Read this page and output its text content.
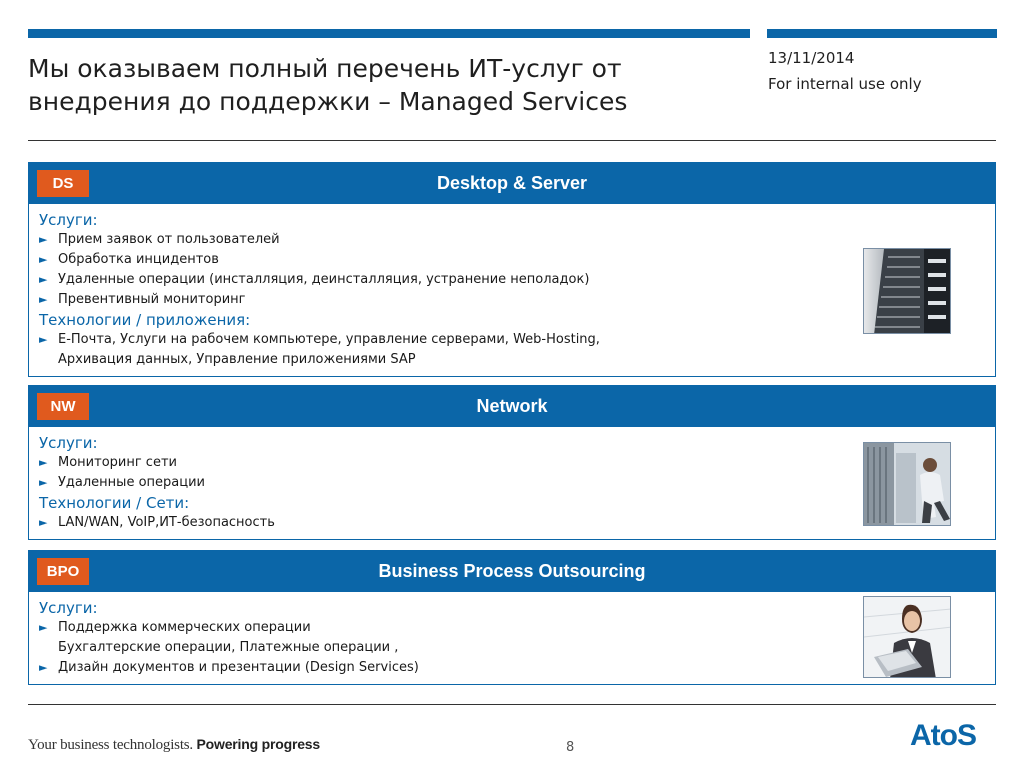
Мы оказываем полный перечень ИТ-услуг от
внедрения до поддержки – Managed Services
13/11/2014
For internal use only
Desktop & Server
DS
Услуги:
► Прием заявок от пользователей
► Обработка инцидентов
► Удаленные операции (инсталляция, деинсталляция, устранение неполадок)
► Превентивный мониторинг
Технологии / приложения:
► E-Почта, Услуги на рабочем компьютере, управление серверами, Web-Hosting,
Архивация данных, Управление приложениями SAP
Network
NW
Услуги:
► Мониторинг сети
► Удаленные операции
Технологии / Сети:
► LAN/WAN, VoIP,ИТ-безопасность
Business Process Outsourcing
BPO
Услуги:
► Поддержка коммерческих операции
Бухгалтерские операции, Платежные операции ,
► Дизайн документов и презентации (Design Services)
Your business technologists. Powering progress	8	AtoS
